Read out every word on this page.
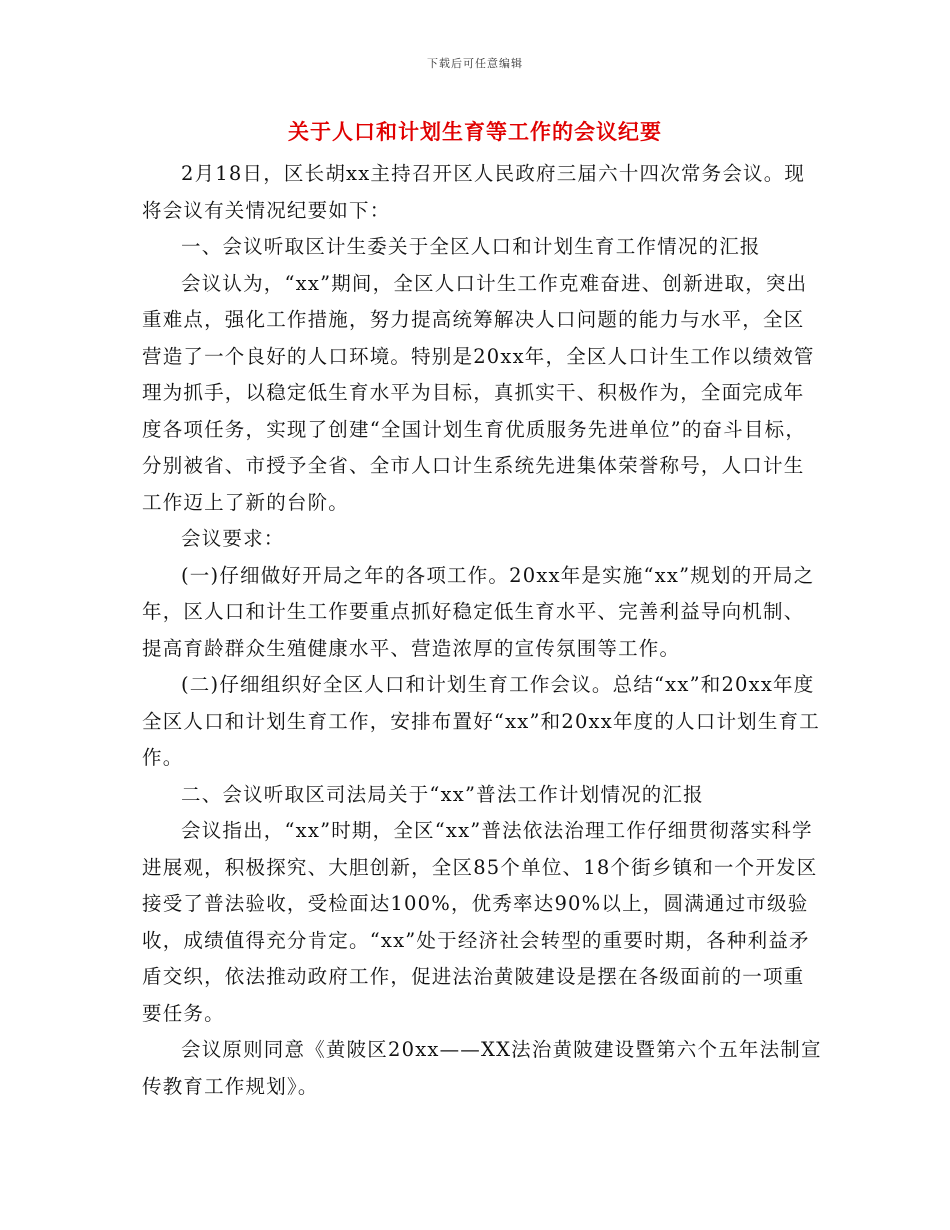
下载后可任意编辑
关于人口和计划生育等工作的会议纪要

2月18日，区长胡xx主持召开区人民政府三届六十四次常务会议。现将会议有关情况纪要如下：

一、会议听取区计生委关于全区人口和计划生育工作情况的汇报

会议认为，“xx”期间，全区人口计生工作克难奋进、创新进取，突出重难点，强化工作措施，努力提高统筹解决人口问题的能力与水平，全区营造了一个良好的人口环境。特别是20xx年，全区人口计生工作以绩效管理为抓手，以稳定低生育水平为目标，真抓实干、积极作为，全面完成年度各项任务，实现了创建“全国计划生育优质服务先进单位”的奋斗目标，分别被省、市授予全省、全市人口计生系统先进集体荣誉称号，人口计生工作迈上了新的台阶。

会议要求：

(一)仔细做好开局之年的各项工作。20xx年是实施“xx”规划的开局之年，区人口和计生工作要重点抓好稳定低生育水平、完善利益导向机制、提高育龄群众生殖健康水平、营造浓厚的宣传氛围等工作。

(二)仔细组织好全区人口和计划生育工作会议。总结“xx”和20xx年度全区人口和计划生育工作，安排布置好“xx”和20xx年度的人口计划生育工作。

二、会议听取区司法局关于“xx”普法工作计划情况的汇报

会议指出，“xx”时期，全区“xx”普法依法治理工作仔细贯彻落实科学进展观，积极探究、大胆创新，全区85个单位、18个街乡镇和一个开发区接受了普法验收，受检面达100%，优秀率达90%以上，圆满通过市级验收，成绩值得充分肯定。“xx”处于经济社会转型的重要时期，各种利益矛盾交织，依法推动政府工作，促进法治黄陂建设是摆在各级面前的一项重要任务。

会议原则同意《黄陂区20xx——XX法治黄陂建设暨第六个五年法制宣传教育工作规划》。
